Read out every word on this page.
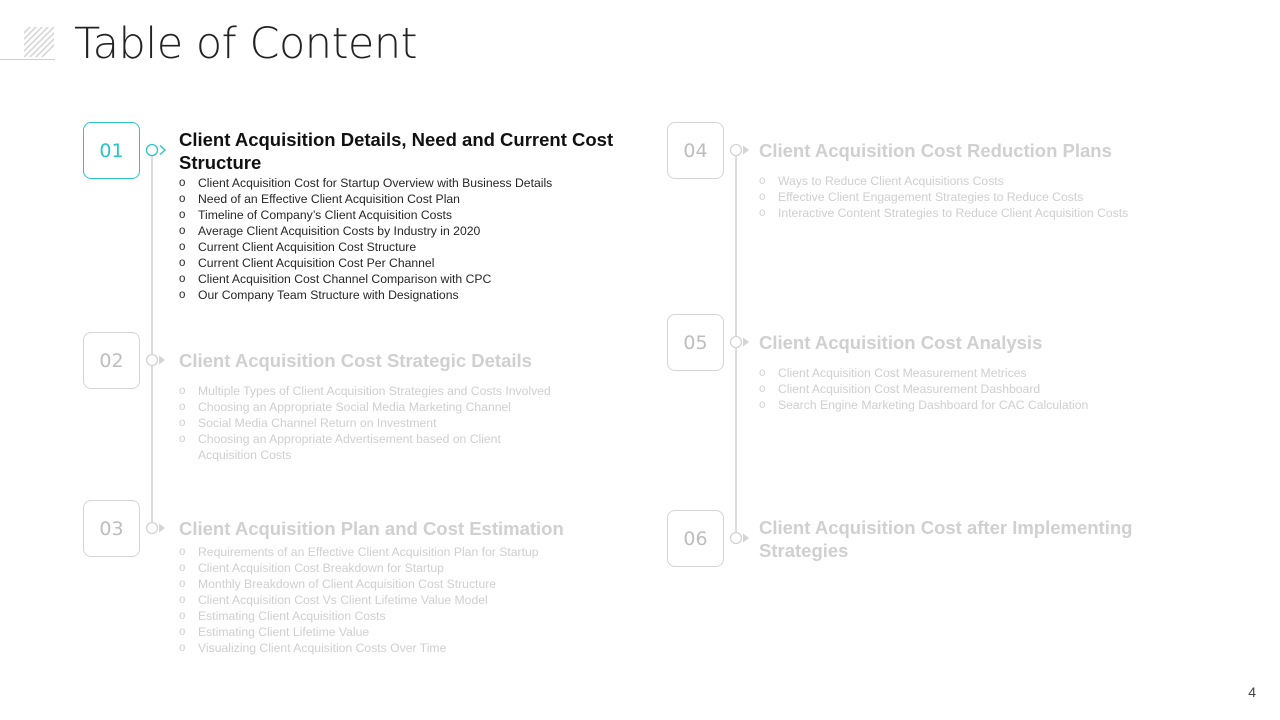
Table of Content
01	Client Acquisition Details, Need and Current Cost Structure
o Client Acquisition Cost for Startup Overview with Business Details
o Need of an Effective Client Acquisition Cost Plan
o Timeline of Company’s Client Acquisition Costs
o Average Client Acquisition Costs by Industry in 2020
o Current Client Acquisition Cost Structure
o Current Client Acquisition Cost Per Channel
o Client Acquisition Cost Channel Comparison with CPC
o Our Company Team Structure with Designations
02	Client Acquisition Cost Strategic Details
o Multiple Types of Client Acquisition Strategies and Costs Involved
o Choosing an Appropriate Social Media Marketing Channel
o Social Media Channel Return on Investment
o Choosing an Appropriate Advertisement based on Client Acquisition Costs
03	Client Acquisition Plan and Cost Estimation
o Requirements of an Effective Client Acquisition Plan for Startup
o Client Acquisition Cost Breakdown for Startup
o Monthly Breakdown of Client Acquisition Cost Structure
o Client Acquisition Cost Vs Client Lifetime Value Model
o Estimating Client Acquisition Costs
o Estimating Client Lifetime Value
o Visualizing Client Acquisition Costs Over Time
04	Client Acquisition Cost Reduction Plans
o Ways to Reduce Client Acquisitions Costs
o Effective Client Engagement Strategies to Reduce Costs
o Interactive Content Strategies to Reduce Client Acquisition Costs
05	Client Acquisition Cost Analysis
o Client Acquisition Cost Measurement Metrices
o Client Acquisition Cost Measurement Dashboard
o Search Engine Marketing Dashboard for CAC Calculation
06	Client Acquisition Cost after Implementing Strategies
4
